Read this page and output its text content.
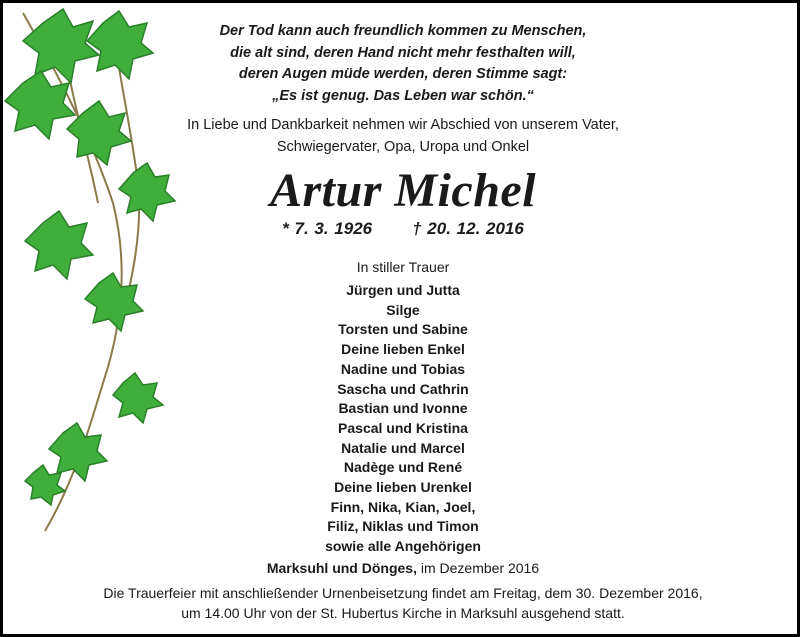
Der Tod kann auch freundlich kommen zu Menschen,
die alt sind, deren Hand nicht mehr festhalten will,
deren Augen müde werden, deren Stimme sagt:
„Es ist genug. Das Leben war schön.“
In Liebe und Dankbarkeit nehmen wir Abschied von unserem Vater,
Schwiegervater, Opa, Uropa und Onkel
Artur Michel
* 7. 3. 1926 † 20. 12. 2016
In stiller Trauer
Jürgen und Jutta
Silge
Torsten und Sabine
Deine lieben Enkel
Nadine und Tobias
Sascha und Cathrin
Bastian und Ivonne
Pascal und Kristina
Natalie und Marcel
Nadège und René
Deine lieben Urenkel
Finn, Nika, Kian, Joel,
Filiz, Niklas und Timon
sowie alle Angehörigen
Marksuhl und Dönges, im Dezember 2016
Die Trauerfeier mit anschließender Urnenbeisetzung findet am Freitag, dem 30. Dezember 2016,
um 14.00 Uhr von der St. Hubertus Kirche in Marksuhl ausgehend statt.
